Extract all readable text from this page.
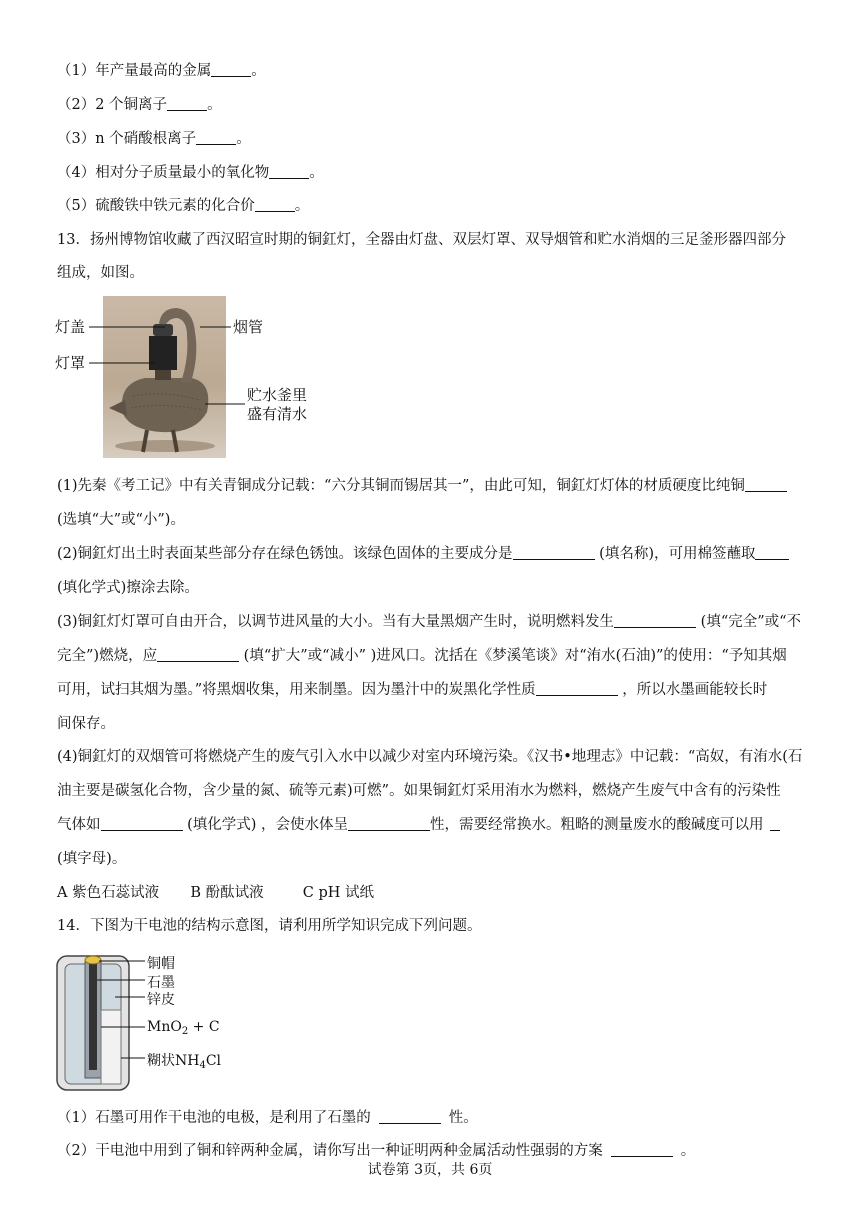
（1）年产量最高的金属	。
（2）2 个铜离子	。
（3）n 个硝酸根离子	。
（4）相对分子质量最小的氧化物	。
（5）硫酸铁中铁元素的化合价	。
13．扬州博物馆收藏了西汉昭宣时期的铜釭灯，全器由灯盘、双层灯罩、双导烟管和贮水消烟的三足釜形器四部分
组成，如图。
灯盖	烟管
灯罩
贮水釜里
盛有清水
(1)先秦《考工记》中有关青铜成分记载：“六分其铜而锡居其一”，由此可知，铜釭灯灯体的材质硬度比纯铜
(选填“大”或“小”)。
(2)铜釭灯出土时表面某些部分存在绿色锈蚀。该绿色固体的主要成分是	(填名称)，可用棉签蘸取
(填化学式)擦涂去除。
(3)铜釭灯灯罩可自由开合，以调节进风量的大小。当有大量黑烟产生时，说明燃料发生	(填“完全”或“不
完全”)燃烧，应	(填“扩大”或“减小” )进风口。沈括在《梦溪笔谈》对“洧水(石油)”的使用：“予知其烟
可用，试扫其烟为墨。”将黑烟收集，用来制墨。因为墨汁中的炭黑化学性质	，所以水墨画能较长时
间保存。
(4)铜釭灯的双烟管可将燃烧产生的废气引入水中以减少对室内环境污染。《汉书•地理志》中记载：“高奴，有洧水(石
油主要是碳氢化合物，含少量的氮、硫等元素)可燃”。如果铜釭灯采用洧水为燃料，燃烧产生废气中含有的污染性
气体如	(填化学式) ，会使水体呈	性，需要经常换水。粗略的测量废水的酸碱度可以用
(填字母)。
A 紫色石蕊试液 B 酚酞试液	C pH 试纸
14．下图为干电池的结构示意图，请利用所学知识完成下列问题。
铜帽
石墨
锌皮
MnO$_2$ + C
糊状$NH_4Cl$
（1）石墨可用作干电池的电极，是利用了石墨的	性。
（2）干电池中用到了铜和锌两种金属，请你写出一种证明两种金属活动性强弱的方案	。
试卷第 3页，共 6页
